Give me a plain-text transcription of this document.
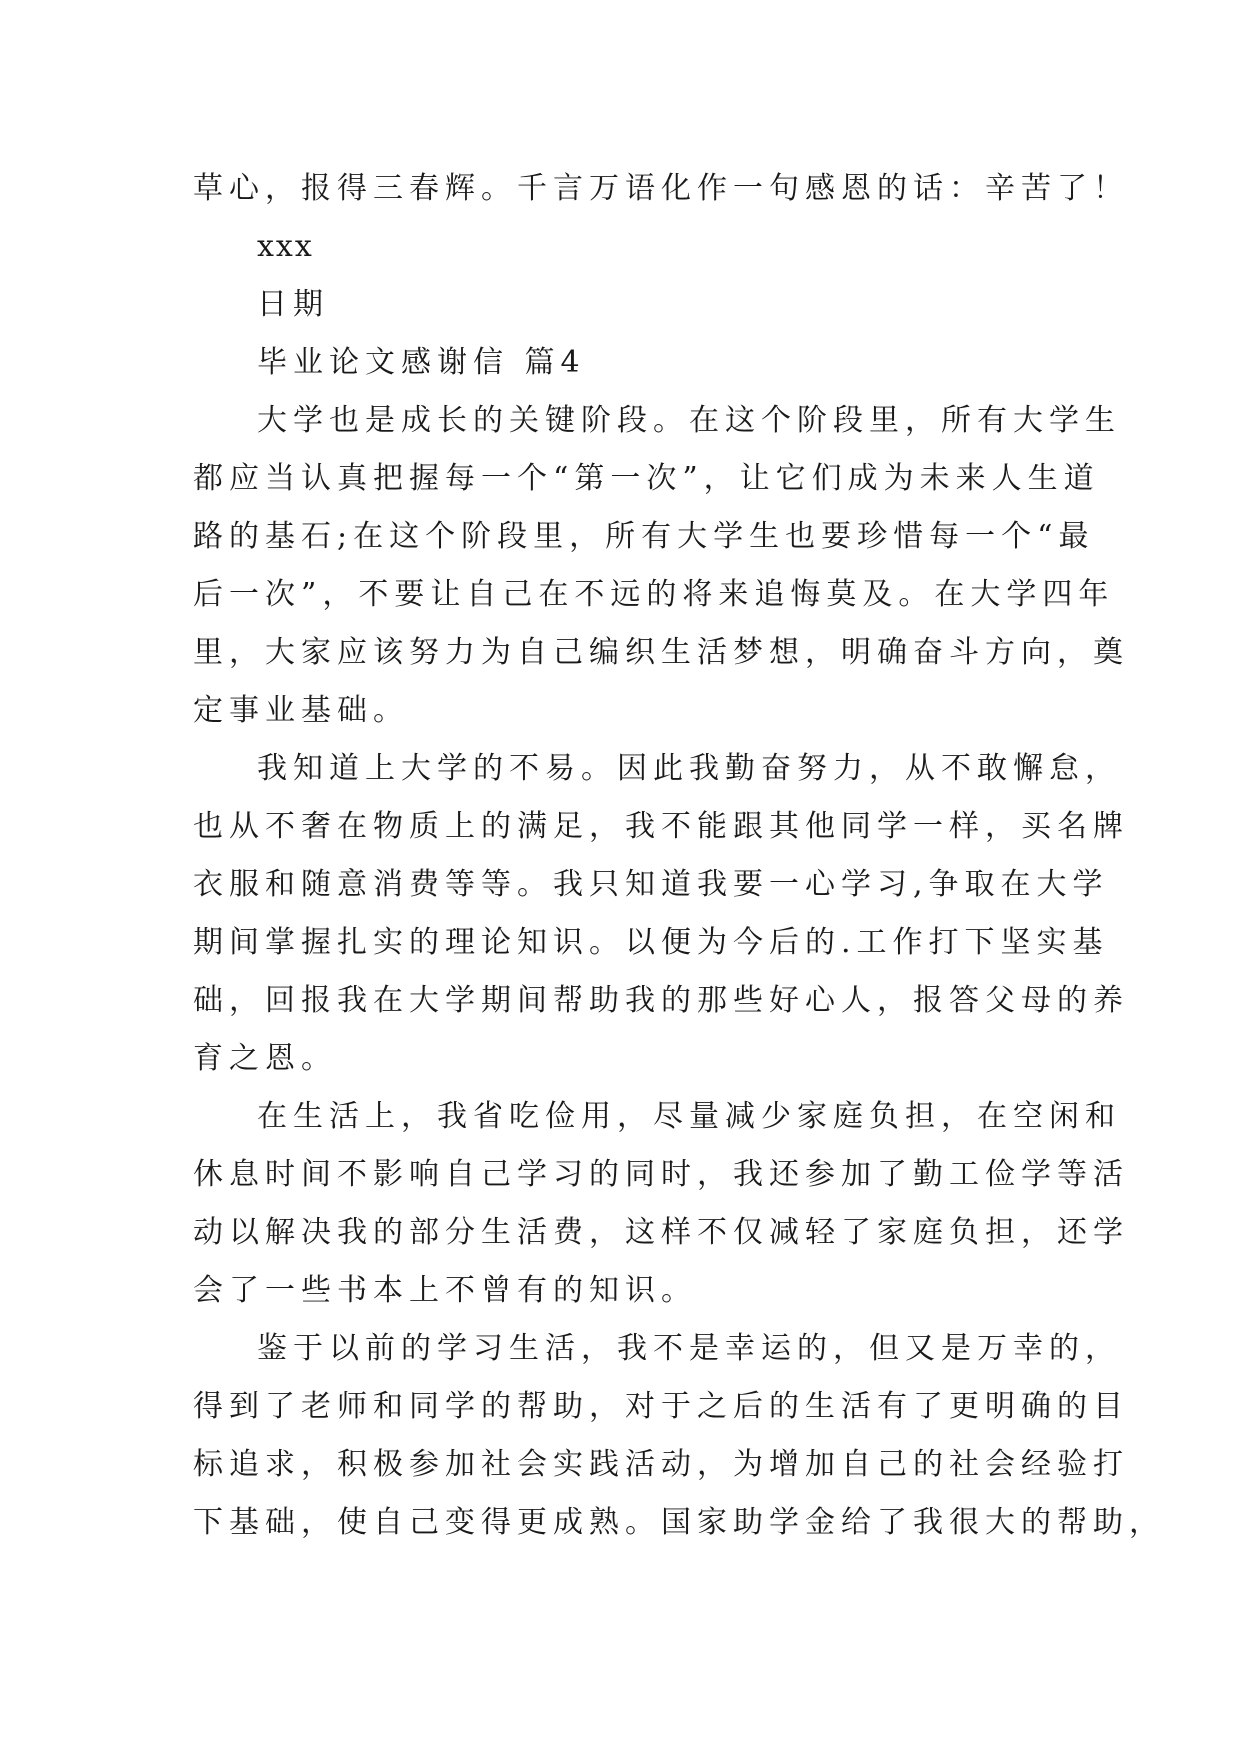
草心，报得三春辉。千言万语化作一句感恩的话：辛苦了！
xxx
日期
毕业论文感谢信 篇4
大学也是成长的关键阶段。在这个阶段里，所有大学生
都应当认真把握每一个“第一次”，让它们成为未来人生道
路的基石;在这个阶段里，所有大学生也要珍惜每一个“最
后一次”，不要让自己在不远的将来追悔莫及。在大学四年
里，大家应该努力为自己编织生活梦想，明确奋斗方向，奠
定事业基础。
我知道上大学的不易。因此我勤奋努力，从不敢懈怠，
也从不奢在物质上的满足，我不能跟其他同学一样，买名牌
衣服和随意消费等等。我只知道我要一心学习,争取在大学
期间掌握扎实的理论知识。以便为今后的.工作打下坚实基
础，回报我在大学期间帮助我的那些好心人，报答父母的养
育之恩。
在生活上，我省吃俭用，尽量减少家庭负担，在空闲和
休息时间不影响自己学习的同时，我还参加了勤工俭学等活
动以解决我的部分生活费，这样不仅减轻了家庭负担，还学
会了一些书本上不曾有的知识。
鉴于以前的学习生活，我不是幸运的，但又是万幸的，
得到了老师和同学的帮助，对于之后的生活有了更明确的目
标追求，积极参加社会实践活动，为增加自己的社会经验打
下基础，使自己变得更成熟。国家助学金给了我很大的帮助，
